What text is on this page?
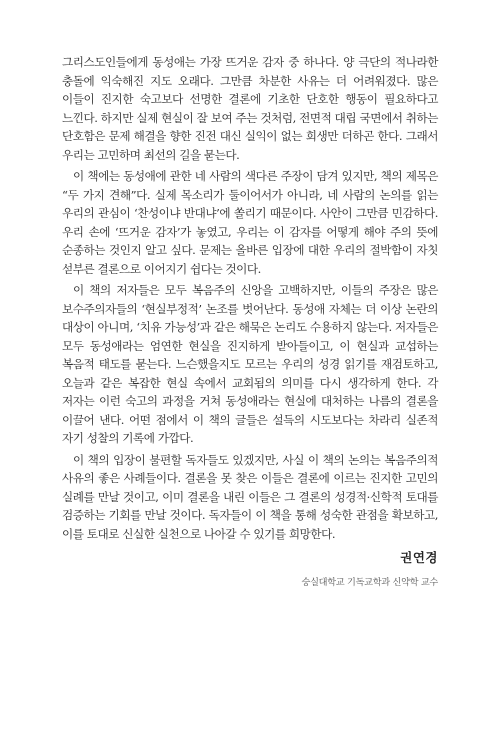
그리스도인들에게 동성애는 가장 뜨거운 감자 중 하나다. 양 극단의 적나라한 충돌에 익숙해진 지도 오래다. 그만큼 차분한 사유는 더 어려워졌다. 많은 이들이 진지한 숙고보다 선명한 결론에 기초한 단호한 행동이 필요하다고 느낀다. 하지만 실제 현실이 잘 보여 주는 것처럼, 전면적 대립 국면에서 취하는 단호함은 문제 해결을 향한 진전 대신 실익이 없는 희생만 더하곤 한다. 그래서 우리는 고민하며 최선의 길을 묻는다.

이 책에는 동성애에 관한 네 사람의 색다른 주장이 담겨 있지만, 책의 제목은 “두 가지 견해”다. 실제 목소리가 둘이어서가 아니라, 네 사람의 논의를 읽는 우리의 관심이 ‘찬성이냐 반대냐’에 쏠리기 때문이다. 사안이 그만큼 민감하다. 우리 손에 ‘뜨거운 감자’가 놓였고, 우리는 이 감자를 어떻게 해야 주의 뜻에 순종하는 것인지 알고 싶다. 문제는 올바른 입장에 대한 우리의 절박함이 자칫 섣부른 결론으로 이어지기 쉽다는 것이다.

이 책의 저자들은 모두 복음주의 신앙을 고백하지만, 이들의 주장은 많은 보수주의자들의 ‘현실부정적’ 논조를 벗어난다. 동성애 자체는 더 이상 논란의 대상이 아니며, ‘치유 가능성’과 같은 해묵은 논리도 수용하지 않는다. 저자들은 모두 동성애라는 엄연한 현실을 진지하게 받아들이고, 이 현실과 교섭하는 복음적 태도를 묻는다. 느슨했을지도 모르는 우리의 성경 읽기를 재검토하고, 오늘과 같은 복잡한 현실 속에서 교회됨의 의미를 다시 생각하게 한다. 각 저자는 이런 숙고의 과정을 거쳐 동성애라는 현실에 대처하는 나름의 결론을 이끌어 낸다. 어떤 점에서 이 책의 글들은 설득의 시도보다는 차라리 실존적 자기 성찰의 기록에 가깝다.

이 책의 입장이 불편할 독자들도 있겠지만, 사실 이 책의 논의는 복음주의적 사유의 좋은 사례들이다. 결론을 못 찾은 이들은 결론에 이르는 진지한 고민의 실례를 만날 것이고, 이미 결론을 내린 이들은 그 결론의 성경적·신학적 토대를 검증하는 기회를 만날 것이다. 독자들이 이 책을 통해 성숙한 관점을 확보하고, 이를 토대로 신실한 실천으로 나아갈 수 있기를 희망한다.

권연경
숭실대학교 기독교학과 신약학 교수
